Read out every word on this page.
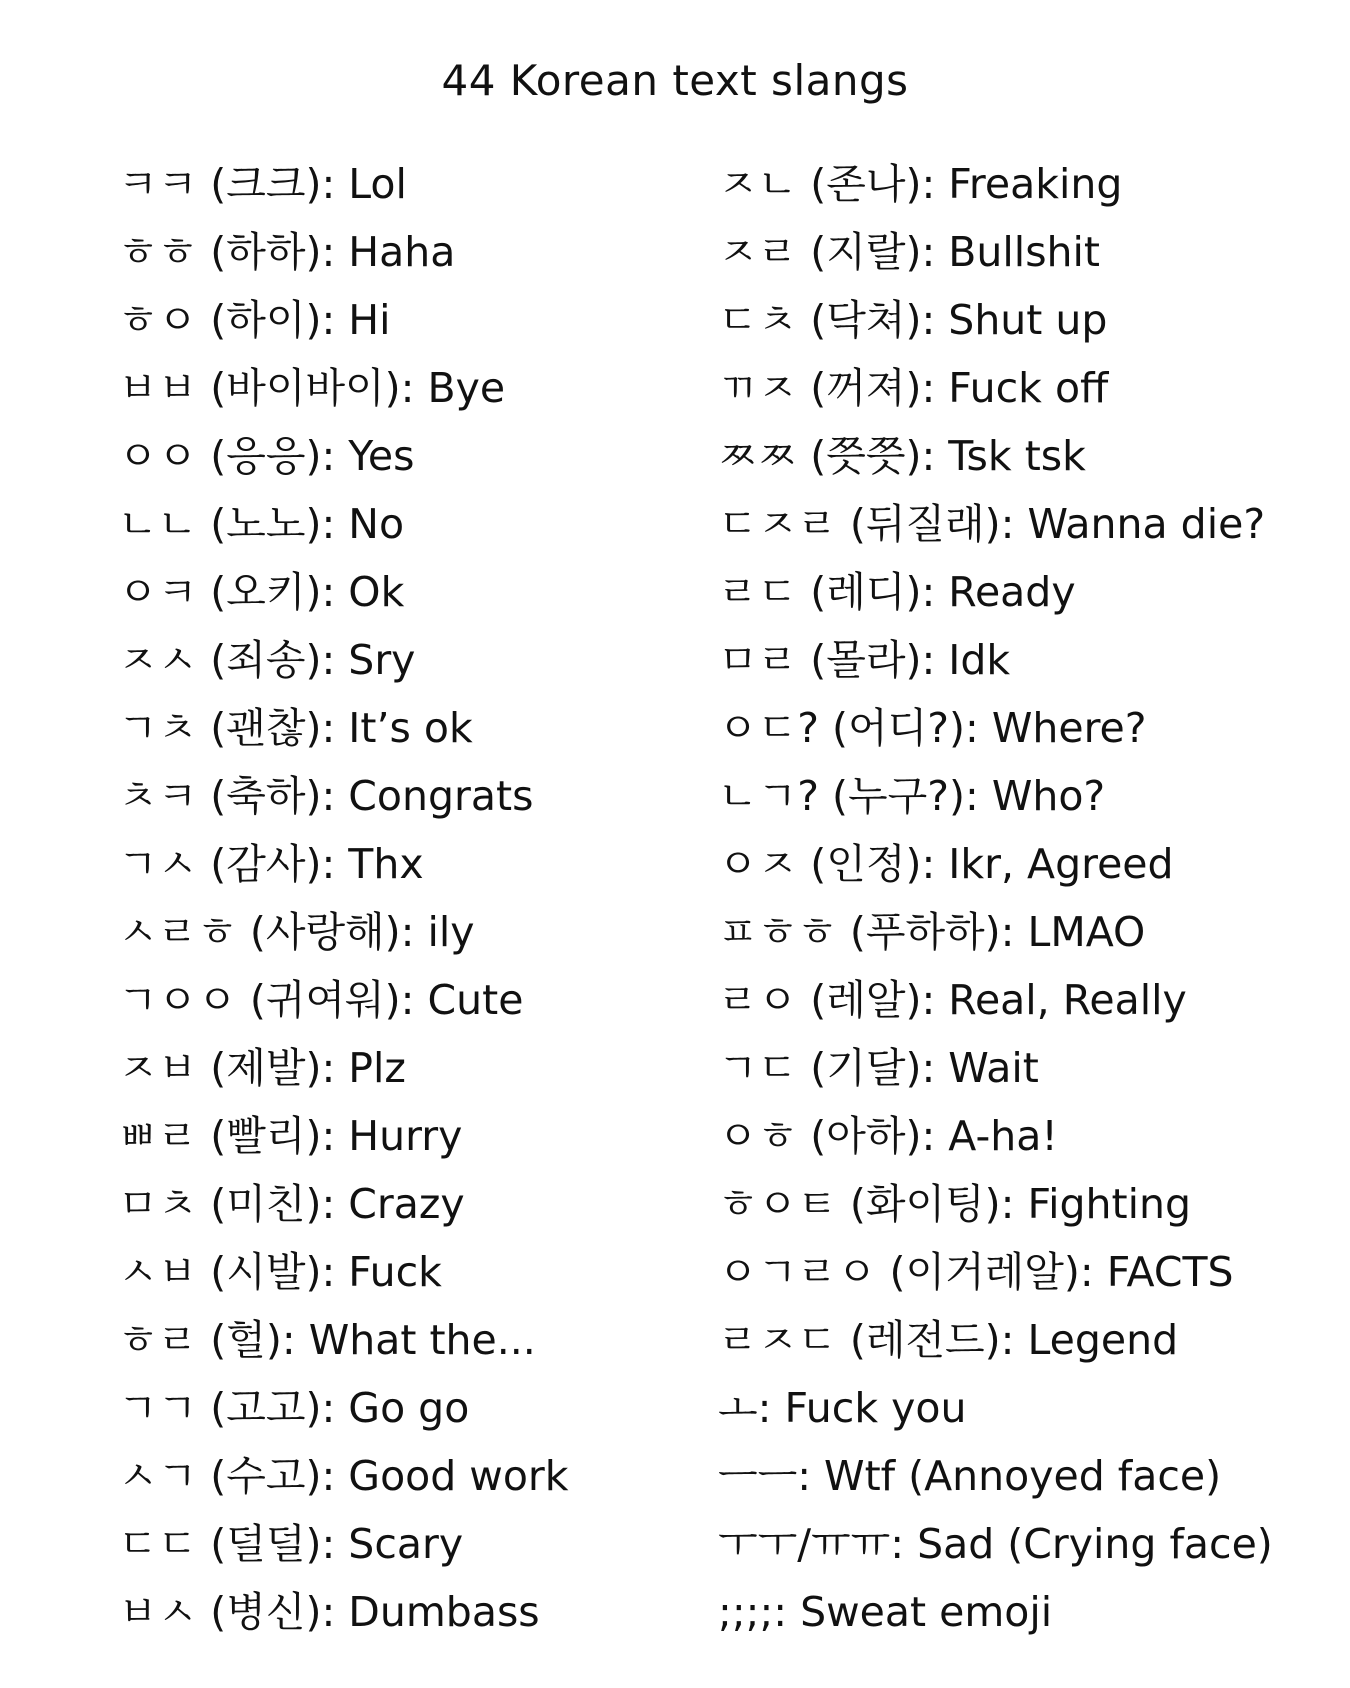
44 Korean text slangs
ㅋㅋ (크크): Lol
ㅎㅎ (하하): Haha
ㅎㅇ (하이): Hi
ㅂㅂ (바이바이): Bye
ㅇㅇ (응응): Yes
ㄴㄴ (노노): No
ㅇㅋ (오키): Ok
ㅈㅅ (죄송): Sry
ㄱㅊ (괜찮): It’s ok
ㅊㅋ (축하): Congrats
ㄱㅅ (감사): Thx
ㅅㄹㅎ (사랑해): ily
ㄱㅇㅇ (귀여워): Cute
ㅈㅂ (제발): Plz
ㅃㄹ (빨리): Hurry
ㅁㅊ (미친): Crazy
ㅅㅂ (시발): Fuck
ㅎㄹ (헐): What the...
ㄱㄱ (고고): Go go
ㅅㄱ (수고): Good work
ㄷㄷ (덜덜): Scary
ㅂㅅ (병신): Dumbass
ㅈㄴ (존나): Freaking
ㅈㄹ (지랄): Bullshit
ㄷㅊ (닥쳐): Shut up
ㄲㅈ (꺼져): Fuck off
ㅉㅉ (쯧쯧): Tsk tsk
ㄷㅈㄹ (뒤질래): Wanna die?
ㄹㄷ (레디): Ready
ㅁㄹ (몰라): Idk
ㅇㄷ? (어디?): Where?
ㄴㄱ? (누구?): Who?
ㅇㅈ (인정): Ikr, Agreed
ㅍㅎㅎ (푸하하): LMAO
ㄹㅇ (레알): Real, Really
ㄱㄷ (기달): Wait
ㅇㅎ (아하): A-ha!
ㅎㅇㅌ (화이팅): Fighting
ㅇㄱㄹㅇ (이거레알): FACTS
ㄹㅈㄷ (레전드): Legend
ㅗ: Fuck you
ㅡㅡ: Wtf (Annoyed face)
ㅜㅜ/ㅠㅠ: Sad (Crying face)
;;;;: Sweat emoji
